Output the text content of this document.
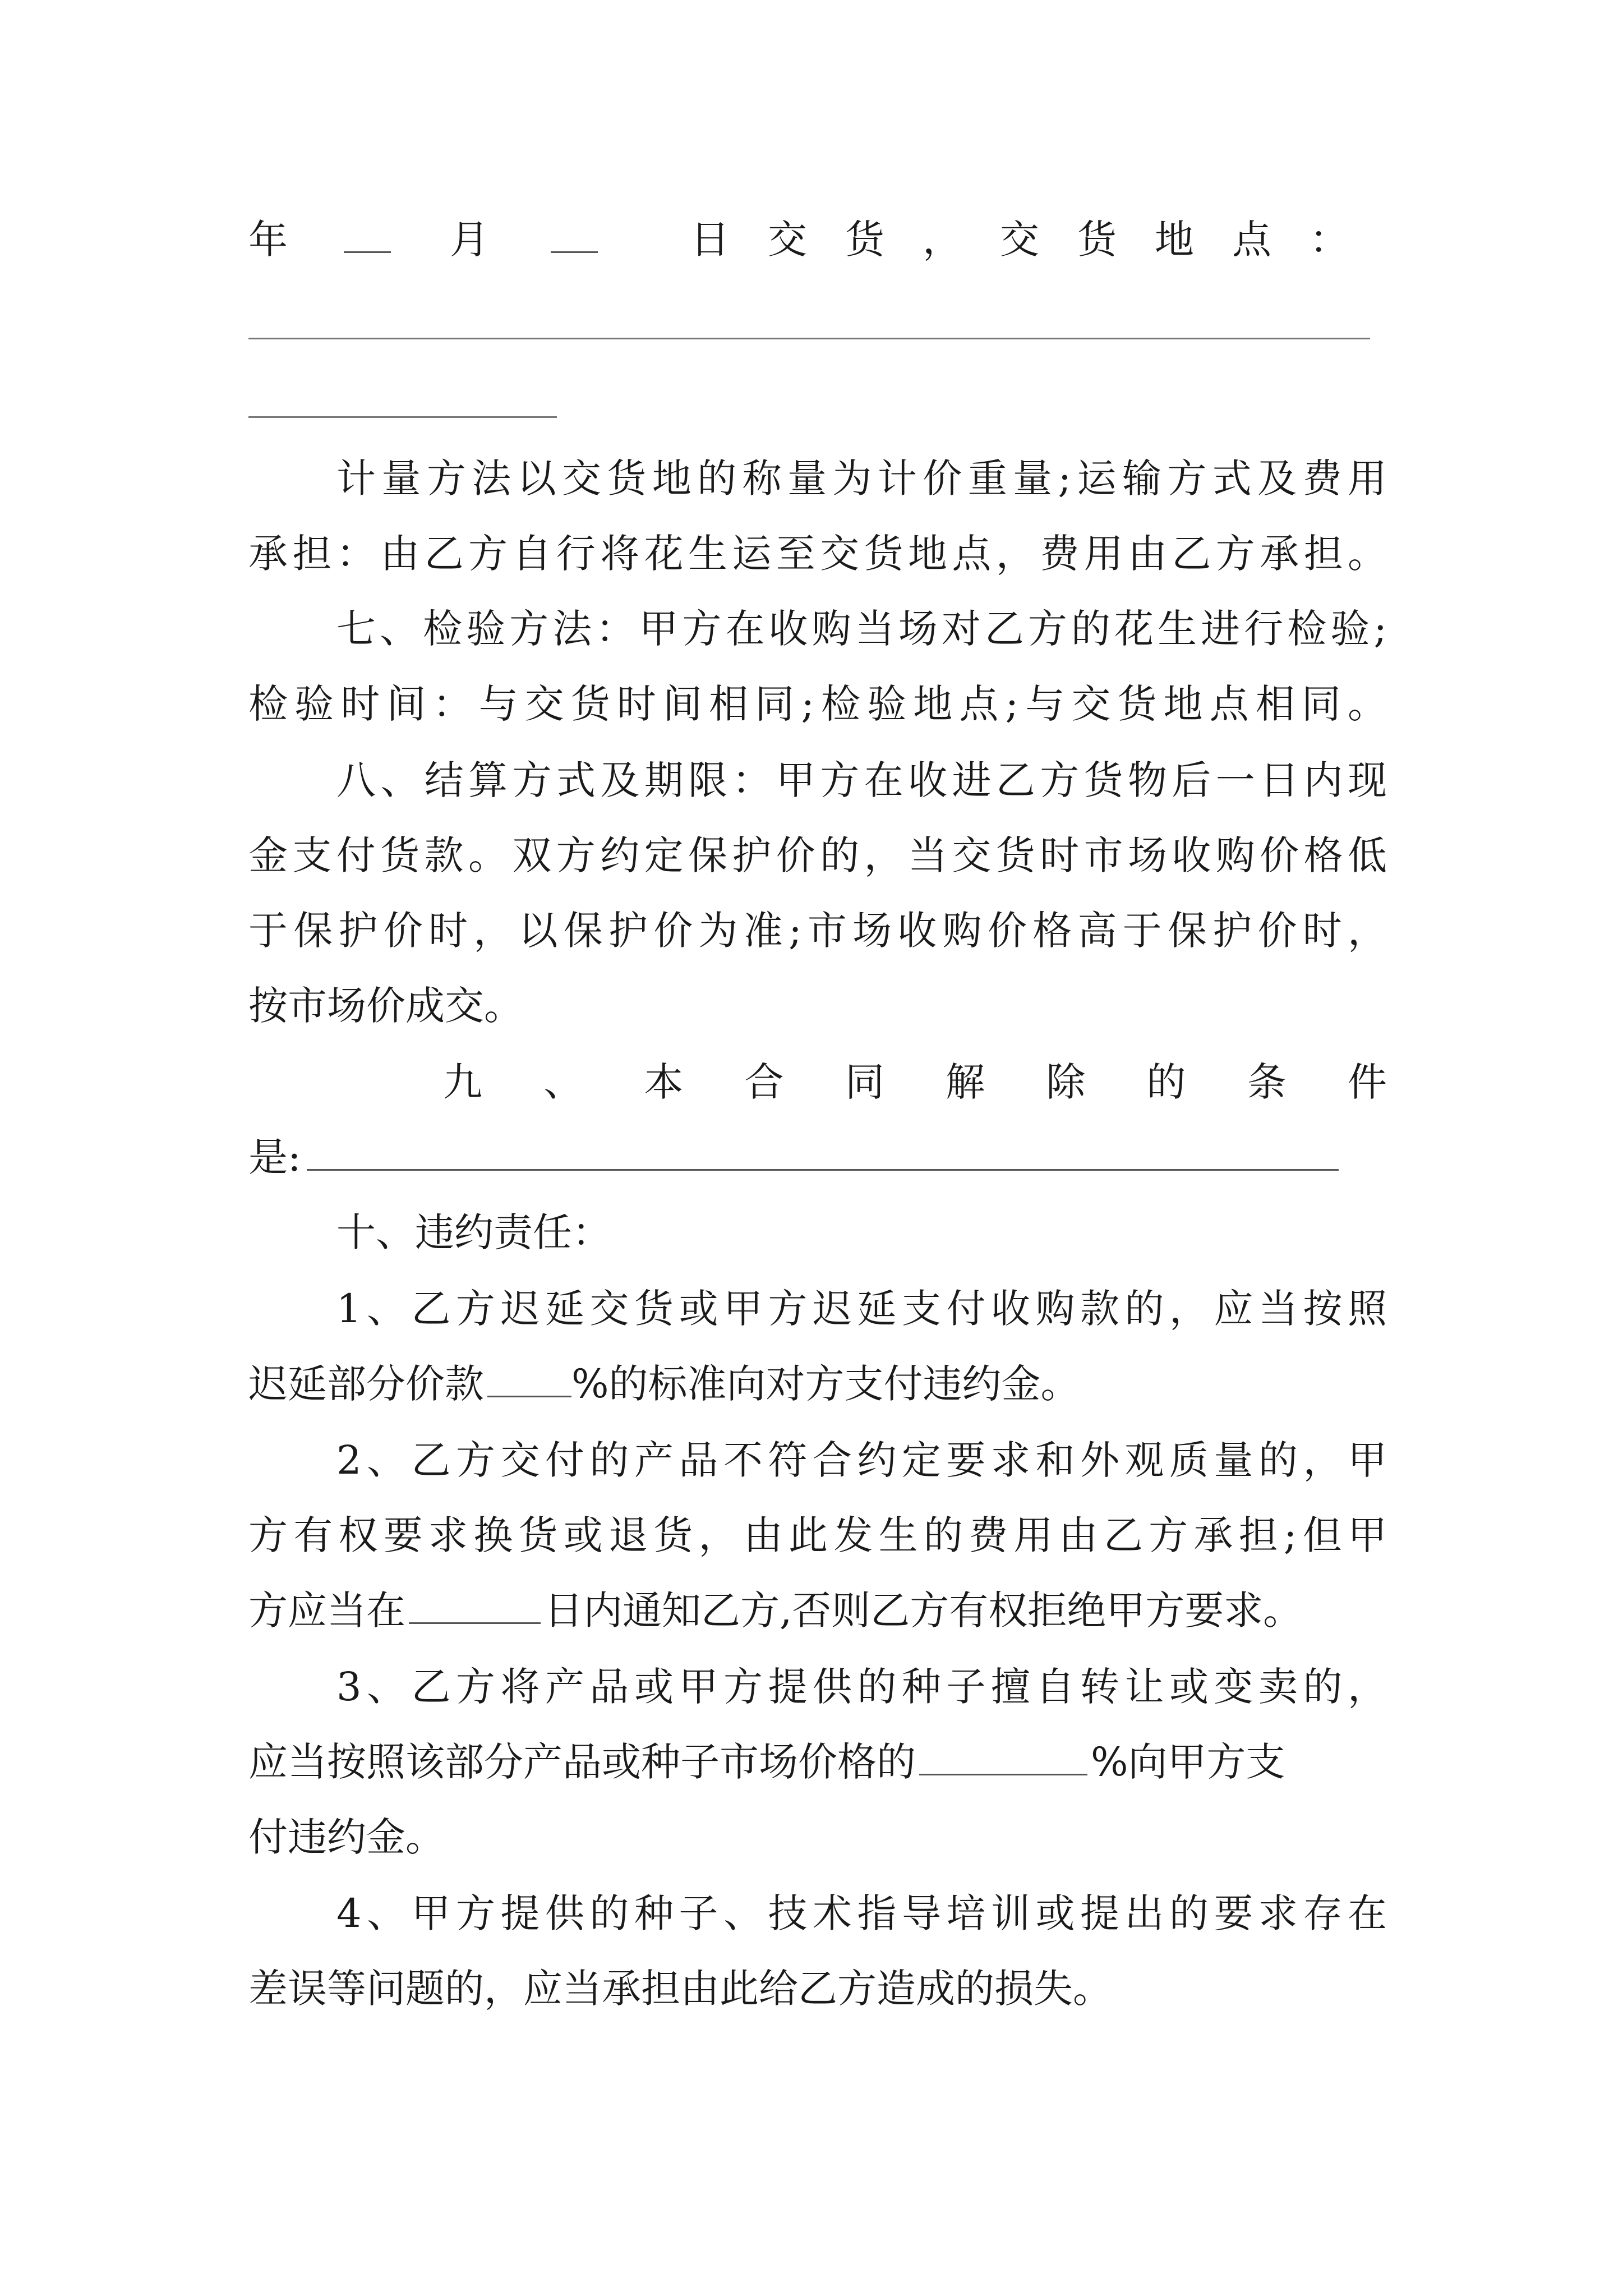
年	月	日交货，交货地点：
计量方法以交货地的称量为计价重量;运输方式及费用
承担：由乙方自行将花生运至交货地点，费用由乙方承担。
七、检验方法：甲方在收购当场对乙方的花生进行检验;
检验时间：与交货时间相同;检验地点;与交货地点相同。
八、结算方式及期限：甲方在收进乙方货物后一日内现
金支付货款。双方约定保护价的，当交货时市场收购价格低
于保护价时，以保护价为准;市场收购价格高于保护价时，
按市场价成交。
九、本合同解除的条件
是:
十、违约责任：
1、乙方迟延交货或甲方迟延支付收购款的，应当按照
迟延部分价款 %的标准向对方支付违约金。
2、乙方交付的产品不符合约定要求和外观质量的，甲
方有权要求换货或退货，由此发生的费用由乙方承担;但甲
方应当在	日内通知乙方,否则乙方有权拒绝甲方要求。
3、乙方将产品或甲方提供的种子擅自转让或变卖的，
应当按照该部分产品或种子市场价格的	%向甲方支
付违约金。
4、甲方提供的种子、技术指导培训或提出的要求存在
差误等问题的，应当承担由此给乙方造成的损失。
